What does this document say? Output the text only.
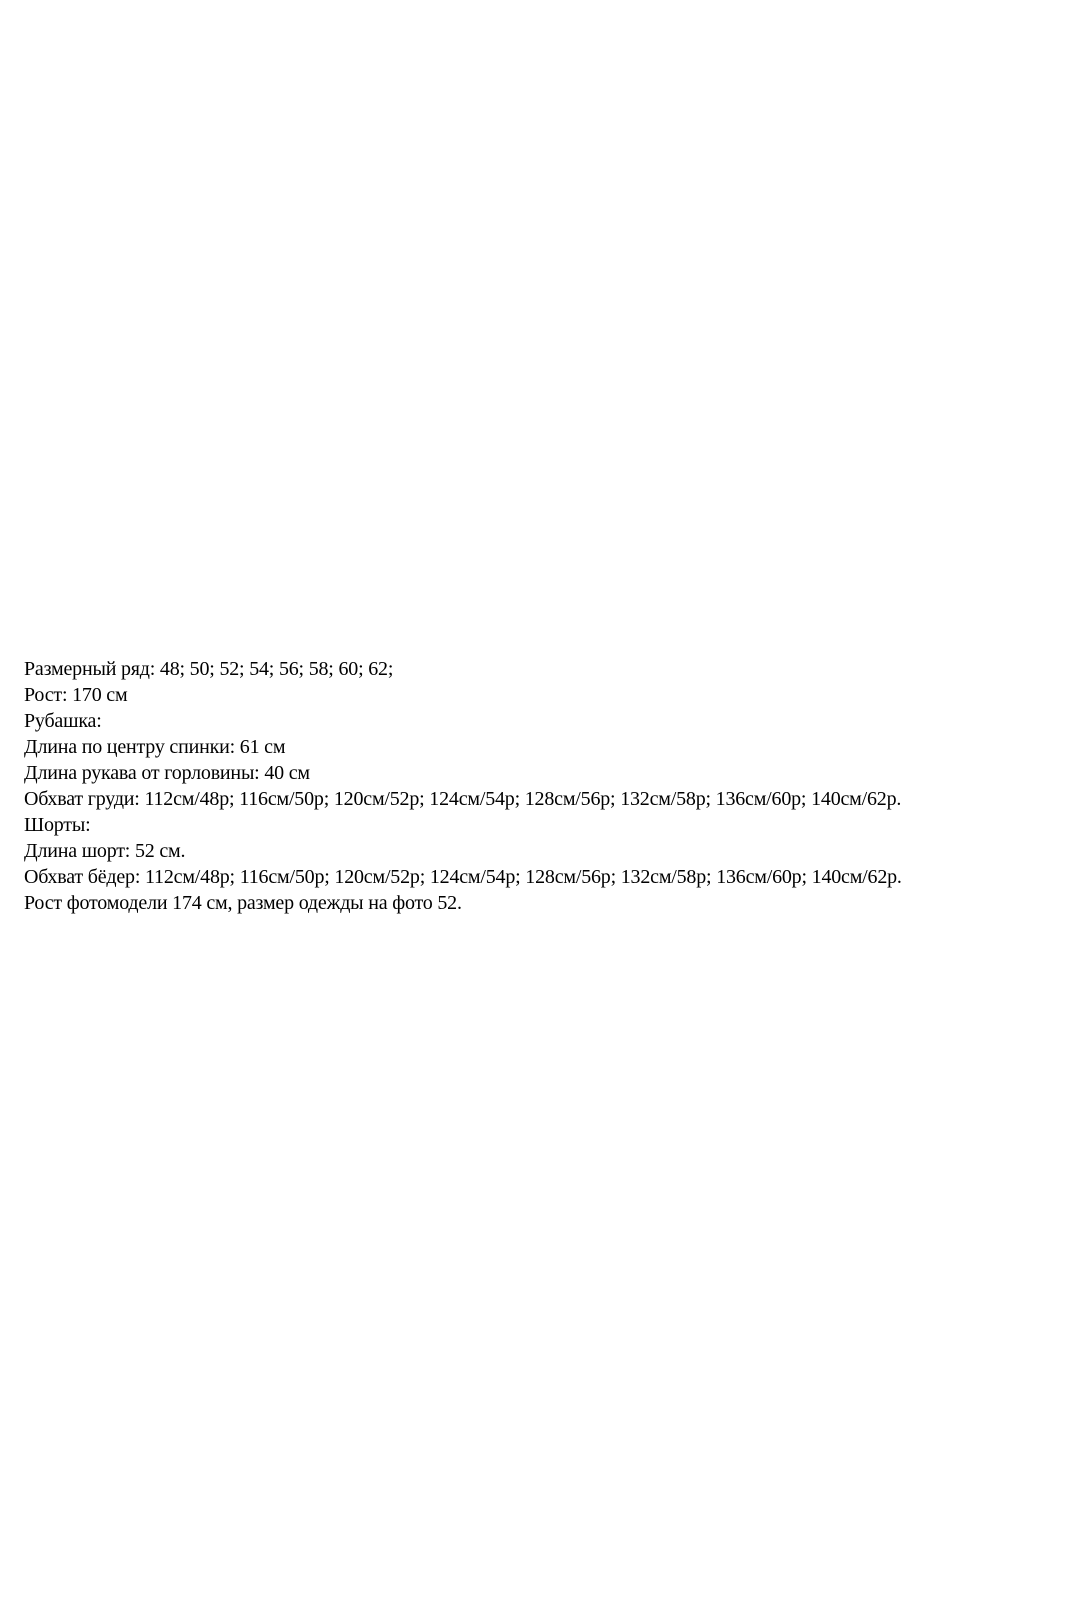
Размерный ряд: 48; 50; 52; 54; 56; 58; 60; 62;
Рост: 170 см
Рубашка:
Длина по центру спинки: 61 см
Длина рукава от горловины: 40 см
Обхват груди: 112см/48р; 116см/50р; 120см/52р; 124см/54р; 128см/56р; 132см/58р; 136см/60р; 140см/62р.
Шорты:
Длина шорт: 52 см.
Обхват бёдер: 112см/48р; 116см/50р; 120см/52р; 124см/54р; 128см/56р; 132см/58р; 136см/60р; 140см/62р.
Рост фотомодели 174 см, размер одежды на фото 52.
